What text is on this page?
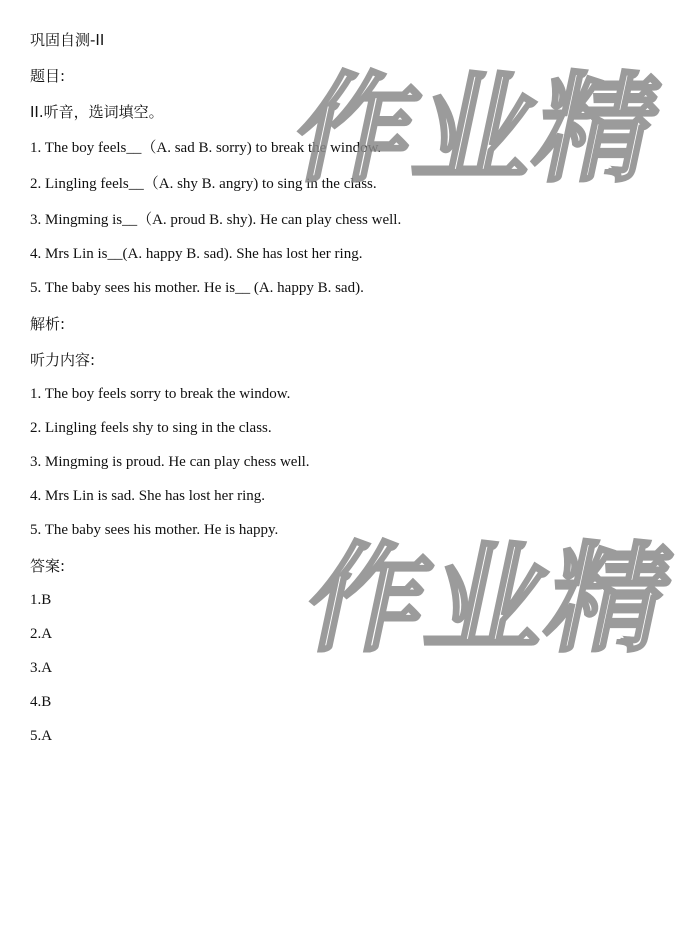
巩固自测-II
题目:
II.听音，选词填空。
1. The boy feels__（A. sad B. sorry) to break the window.
2. Lingling feels__（A. shy B. angry) to sing in the class.
3. Mingming is__（A. proud B. shy). He can play chess well.
4. Mrs Lin is__(A. happy B. sad). She has lost her ring.
5. The baby sees his mother. He is__ (A. happy B. sad).
解析:
听力内容:
1. The boy feels sorry to break the window.
2. Lingling feels shy to sing in the class.
3. Mingming is proud. He can play chess well.
4. Mrs Lin is sad. She has lost her ring.
5. The baby sees his mother. He is happy.
答案:
1.B
2.A
3.A
4.B
5.A
作业精
作业精
